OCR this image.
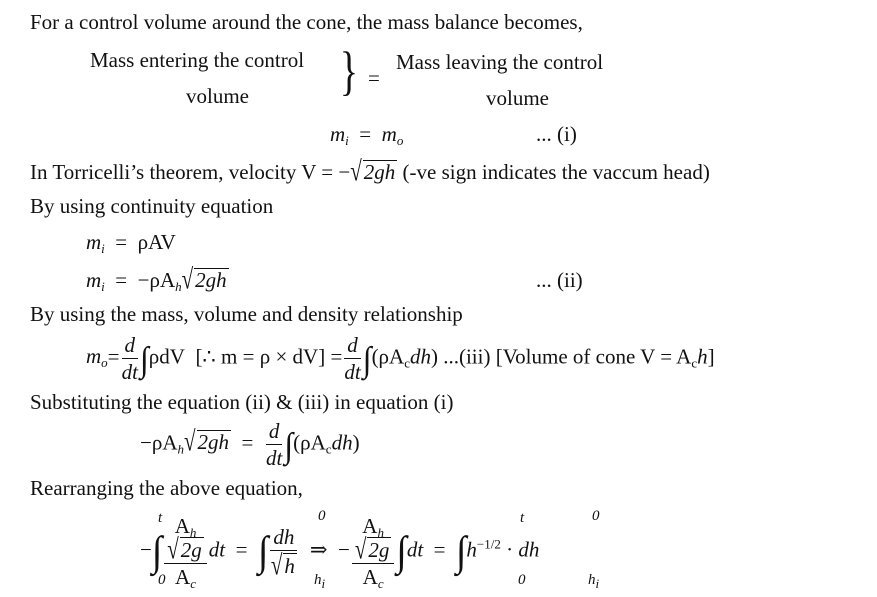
For a control volume around the cone, the mass balance becomes,
Mass entering the control
volume } =
Mass leaving the control
volume
$m_i = m_o$	... (i)
In Torricelli’s theorem, velocity V = −√2gh (-ve sign indicates the vaccum head)
By using continuity equation
$m_i = \rho AV$
$m_i = -\rho A_h√2gh$	... (ii)
By using the mass, volume and density relationship
$m_o= \frac{d}{dt} \int\rho dV$ [∴ $m = \rho \times dV] = \frac{d}{dt} \int(\rho A_cdh)$ ...(iii) [Volume of cone $V = A_ch$]
Substituting the equation (ii) & (iii) in equation (i)
$-\rho A_h√2gh = \frac{d}{dt} \int(\rho A_cdh)$
Rearranging the above equation,
−∫ $A_h$
√2g
$A_c$ dt  =  ∫ $\frac{dh}{√h}$ ⇒  − $A_h$
√2g
$A_c$ $\int dt = \int h^{-1/2}$ · dh
t
0
0
$h_i$
t
0
0
$h_i$
